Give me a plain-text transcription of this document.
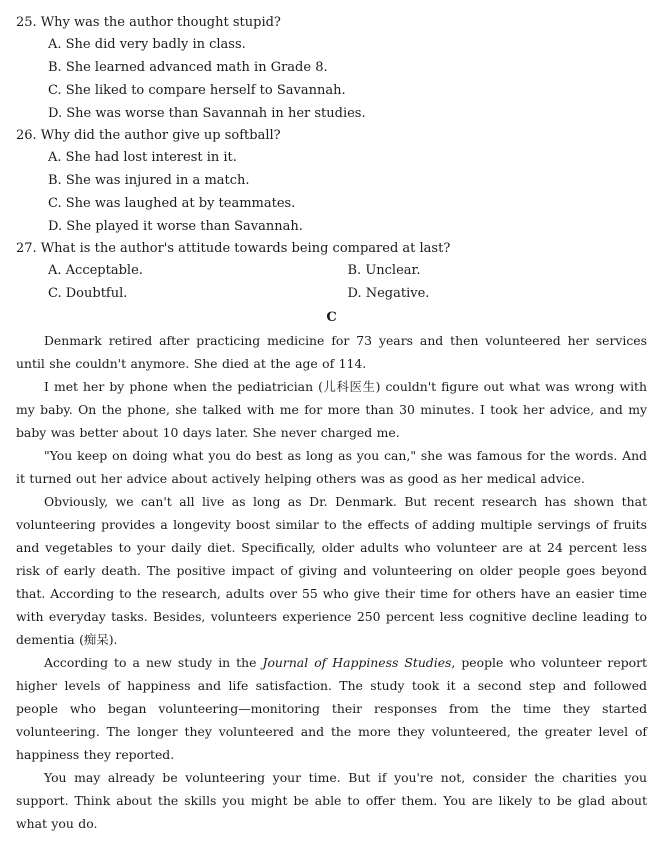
25. Why was the author thought stupid?

A. She did very badly in class.

B. She learned advanced math in Grade 8.

C. She liked to compare herself to Savannah.

D. She was worse than Savannah in her studies.

26. Why did the author give up softball?

A. She had lost interest in it.

B. She was injured in a match.

C. She was laughed at by teammates.

D. She played it worse than Savannah.

27. What is the author's attitude towards being compared at last?

A. Acceptable.	B. Unclear.
C. Doubtful.	D. Negative.

C

Denmark retired after practicing medicine for 73 years and then volunteered her services until she couldn't anymore. She died at the age of 114.

I met her by phone when the pediatrician (儿科医生) couldn't figure out what was wrong with my baby. On the phone, she talked with me for more than 30 minutes. I took her advice, and my baby was better about 10 days later. She never charged me.

"You keep on doing what you do best as long as you can," she was famous for the words. And it turned out her advice about actively helping others was as good as her medical advice.

Obviously, we can't all live as long as Dr. Denmark. But recent research has shown that volunteering provides a longevity boost similar to the effects of adding multiple servings of fruits and vegetables to your daily diet. Specifically, older adults who volunteer are at 24 percent less risk of early death. The positive impact of giving and volunteering on older people goes beyond that. According to the research, adults over 55 who give their time for others have an easier time with everyday tasks. Besides, volunteers experience 250 percent less cognitive decline leading to dementia (痴呆).

According to a new study in the Journal of Happiness Studies, people who volunteer report higher levels of happiness and life satisfaction. The study took it a second step and followed people who began volunteering—monitoring their responses from the time they started volunteering. The longer they volunteered and the more they volunteered, the greater level of happiness they reported.

You may already be volunteering your time. But if you're not, consider the charities you support. Think about the skills you might be able to offer them. You are likely to be glad about what you do.
